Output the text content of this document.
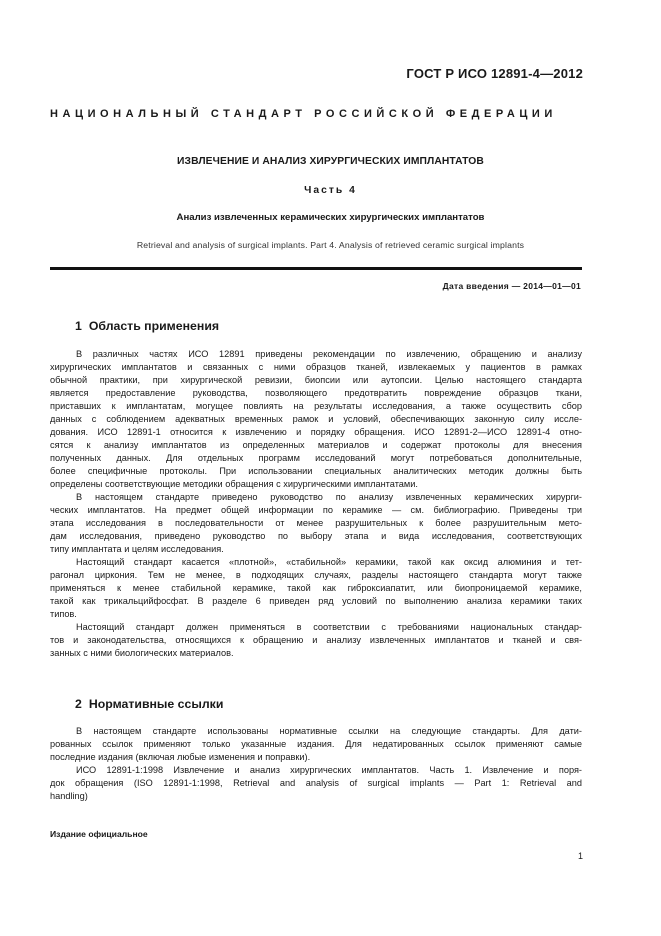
ГОСТ Р ИСО 12891-4—2012
НАЦИОНАЛЬНЫЙ СТАНДАРТ РОССИЙСКОЙ ФЕДЕРАЦИИ
ИЗВЛЕЧЕНИЕ И АНАЛИЗ ХИРУРГИЧЕСКИХ ИМПЛАНТАТОВ
Часть 4
Анализ извлеченных керамических хирургических имплантатов
Retrieval and analysis of surgical implants. Part 4. Analysis of retrieved ceramic surgical implants
Дата введения — 2014—01—01
1 Область применения
В различных частях ИСО 12891 приведены рекомендации по извлечению, обращению и анализу
хирургических имплантатов и связанных с ними образцов тканей, извлекаемых у пациентов в рамках
обычной практики, при хирургической ревизии, биопсии или аутопсии. Целью настоящего стандарта
является предоставление руководства, позволяющего предотвратить повреждение образцов ткани,
приставших к имплантатам, могущее повлиять на результаты исследования, а также осуществить сбор
данных с соблюдением адекватных временных рамок и условий, обеспечивающих законную силу иссле-
дования. ИСО 12891-1 относится к извлечению и порядку обращения. ИСО 12891-2—ИСО 12891-4 отно-
сятся к анализу имплантатов из определенных материалов и содержат протоколы для внесения
полученных данных. Для отдельных программ исследований могут потребоваться дополнительные,
более специфичные протоколы. При использовании специальных аналитических методик должны быть
определены соответствующие методики обращения с хирургическими имплантатами.
В настоящем стандарте приведено руководство по анализу извлеченных керамических хирурги-
ческих имплантатов. На предмет общей информации по керамике — см. библиографию. Приведены три
этапа исследования в последовательности от менее разрушительных к более разрушительным мето-
дам исследования, приведено руководство по выбору этапа и вида исследования, соответствующих
типу имплантата и целям исследования.
Настоящий стандарт касается «плотной», «стабильной» керамики, такой как оксид алюминия и тет-
рагонал циркония. Тем не менее, в подходящих случаях, разделы настоящего стандарта могут также
применяться к менее стабильной керамике, такой как гиброксиапатит, или биопроницаемой керамике,
такой как трикальцийфосфат. В разделе 6 приведен ряд условий по выполнению анализа керамики таких
типов.
Настоящий стандарт должен применяться в соответствии с требованиями национальных стандар-
тов и законодательства, относящихся к обращению и анализу извлеченных имплантатов и тканей и свя-
занных с ними биологических материалов.
2 Нормативные ссылки
В настоящем стандарте использованы нормативные ссылки на следующие стандарты. Для дати-
рованных ссылок применяют только указанные издания. Для недатированных ссылок применяют самые
последние издания (включая любые изменения и поправки).
ИСО 12891-1:1998 Извлечение и анализ хирургических имплантатов. Часть 1. Извлечение и поря-
док обращения (ISO 12891-1:1998, Retrieval and analysis of surgical implants — Part 1: Retrieval and
handling)
Издание официальное
1
